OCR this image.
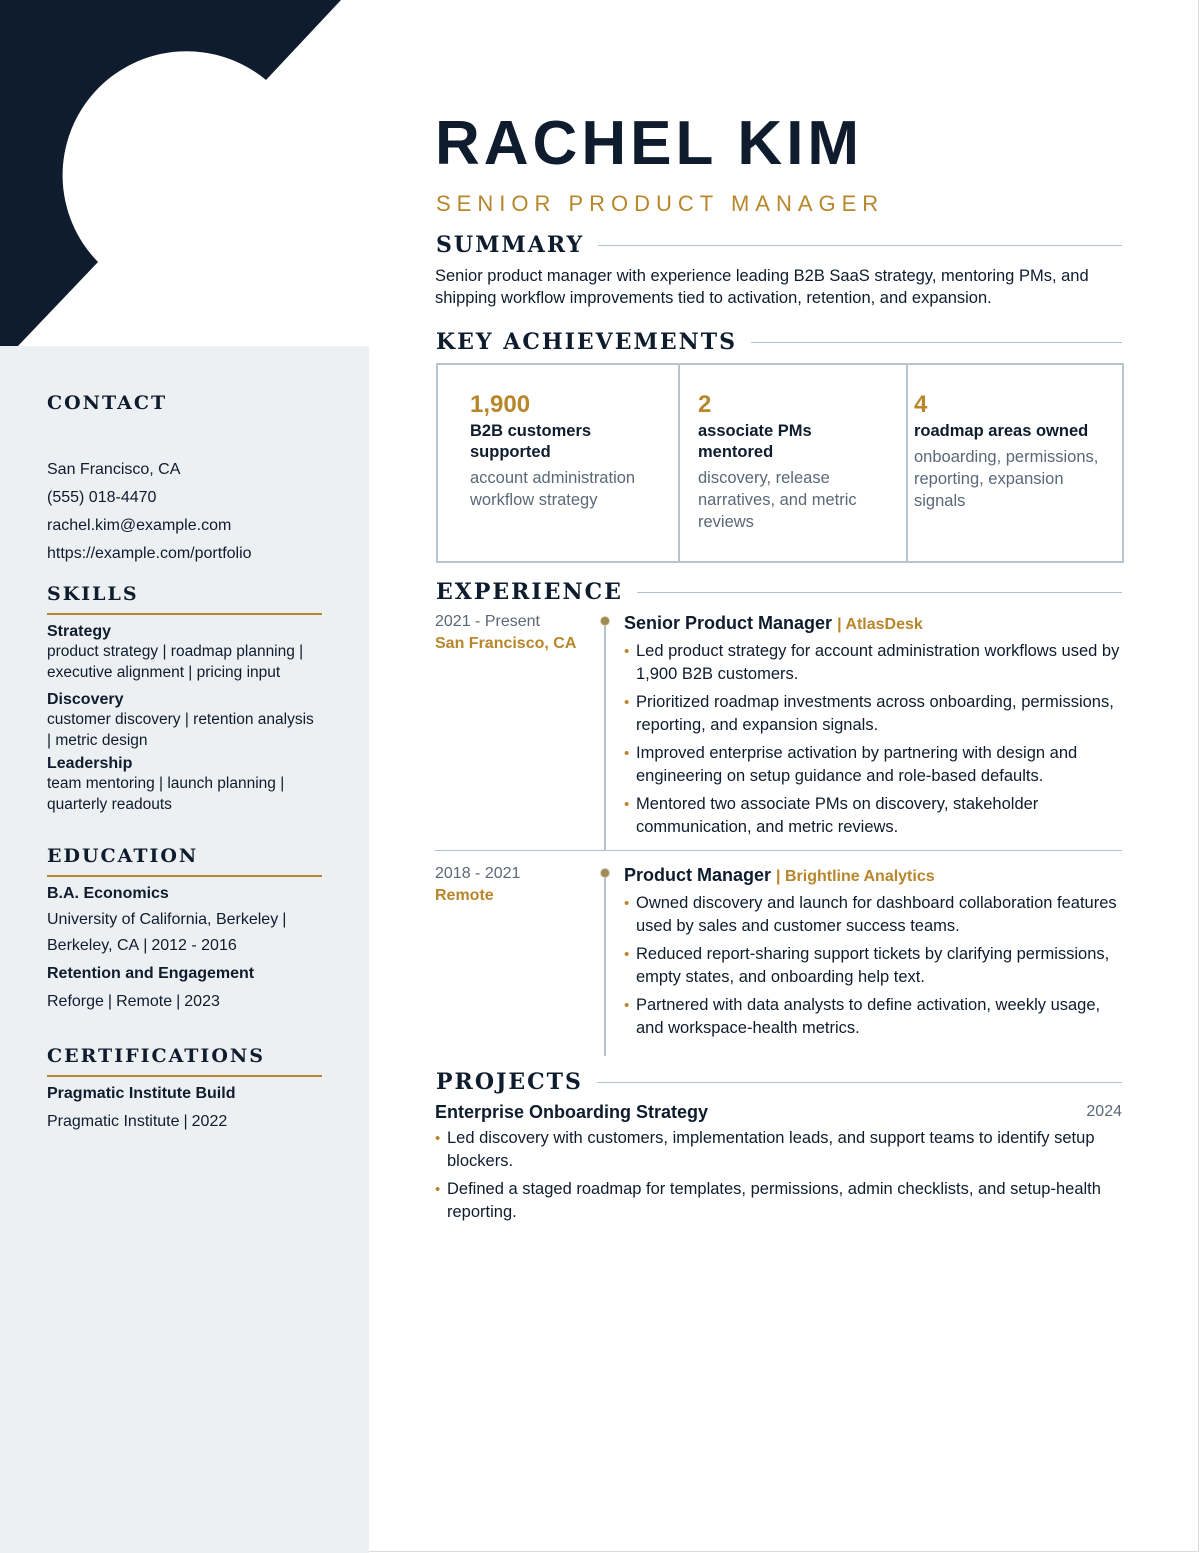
CONTACT
San Francisco, CA
(555) 018-4470
rachel.kim@example.com
https://example.com/portfolio
SKILLS
Strategy
product strategy | roadmap planning | executive alignment | pricing input
Discovery
customer discovery | retention analysis | metric design
Leadership
team mentoring | launch planning | quarterly readouts
EDUCATION
B.A. Economics
University of California, Berkeley |
Berkeley, CA | 2012 - 2016
Retention and Engagement
Reforge | Remote | 2023
CERTIFICATIONS
Pragmatic Institute Build
Pragmatic Institute | 2022
RACHEL KIM
SENIOR PRODUCT MANAGER
SUMMARY
Senior product manager with experience leading B2B SaaS strategy, mentoring PMs, and shipping workflow improvements tied to activation, retention, and expansion.
KEY ACHIEVEMENTS
1,900
B2B customers supported
account administration workflow strategy
2
associate PMs mentored
discovery, release narratives, and metric reviews
4
roadmap areas owned
onboarding, permissions, reporting, expansion signals
EXPERIENCE
2021 - Present
San Francisco, CA
Senior Product Manager | AtlasDesk
• Led product strategy for account administration workflows used by 1,900 B2B customers.
• Prioritized roadmap investments across onboarding, permissions, reporting, and expansion signals.
• Improved enterprise activation by partnering with design and engineering on setup guidance and role-based defaults.
• Mentored two associate PMs on discovery, stakeholder communication, and metric reviews.
2018 - 2021
Remote
Product Manager | Brightline Analytics
• Owned discovery and launch for dashboard collaboration features used by sales and customer success teams.
• Reduced report-sharing support tickets by clarifying permissions, empty states, and onboarding help text.
• Partnered with data analysts to define activation, weekly usage, and workspace-health metrics.
PROJECTS
Enterprise Onboarding Strategy	2024
• Led discovery with customers, implementation leads, and support teams to identify setup blockers.
• Defined a staged roadmap for templates, permissions, admin checklists, and setup-health reporting.
